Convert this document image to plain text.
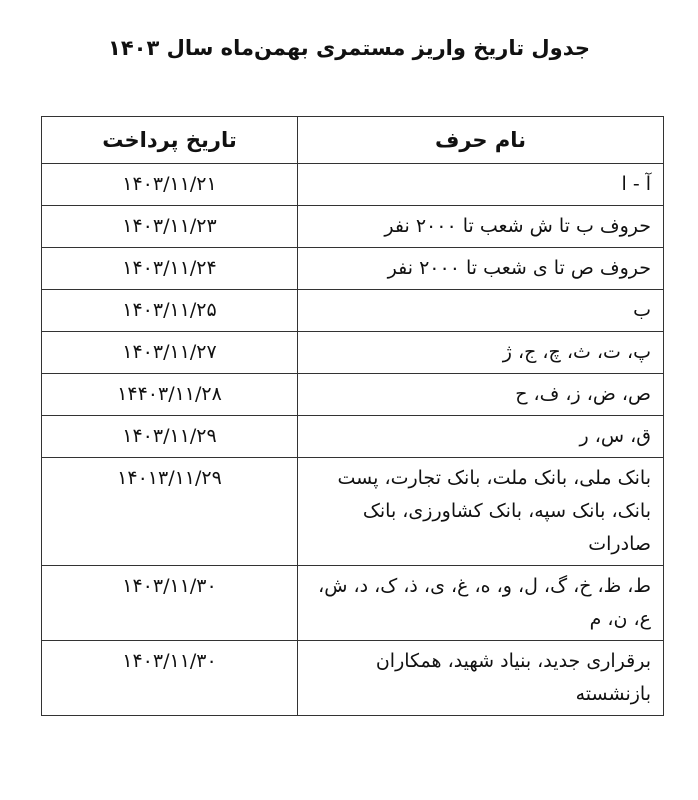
جدول تاریخ واریز مستمری بهمن‌ماه سال ۱۴۰۳
نام حرف	تاریخ پرداخت
آ - ا	۱۴۰۳/۱۱/۲۱
حروف ب تا ش شعب تا ۲۰۰۰ نفر	۱۴۰۳/۱۱/۲۳
حروف ص تا ی شعب تا ۲۰۰۰ نفر	۱۴۰۳/۱۱/۲۴
ب	۱۴۰۳/۱۱/۲۵
پ، ت، ث، چ، ج، ژ	۱۴۰۳/۱۱/۲۷
ص، ض، ز، ف، ح	۱۴۴۰۳/۱۱/۲۸
ق، س، ر	۱۴۰۳/۱۱/۲۹
بانک ملی، بانک ملت، بانک تجارت، پست بانک، بانک سپه، بانک کشاورزی، بانک صادرات	۱۴۰۱۳/۱۱/۲۹
ط، ظ، خ، گ، ل، و، ه، غ، ی، ذ، ک، د، ش، ع، ن، م	۱۴۰۳/۱۱/۳۰
برقراری جدید، بنیاد شهید، همکاران بازنشسته	۱۴۰۳/۱۱/۳۰
